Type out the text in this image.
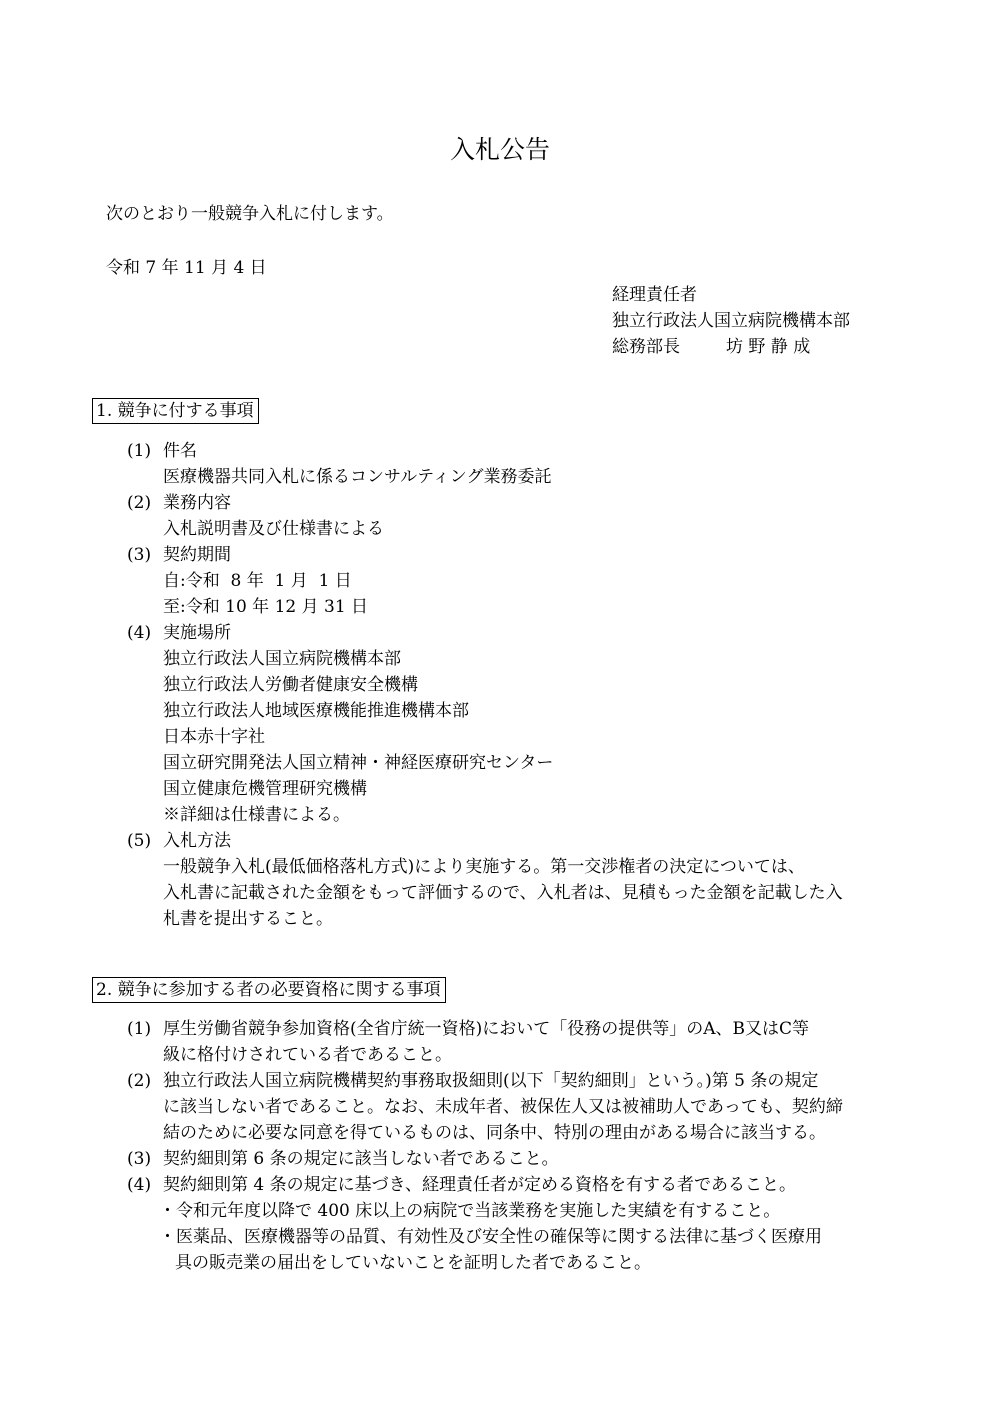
入札公告
次のとおり一般競争入札に付します。
令和 7 年 11 月 4 日
経理責任者
独立行政法人国立病院機構本部
総務部長	坊 野 静 成
1. 競争に付する事項
(1) 件名
医療機器共同入札に係るコンサルティング業務委託
(2) 業務内容
入札説明書及び仕様書による
(3) 契約期間
自:令和  8 年  1 月  1 日
至:令和 10 年 12 月 31 日
(4) 実施場所
独立行政法人国立病院機構本部
独立行政法人労働者健康安全機構
独立行政法人地域医療機能推進機構本部
日本赤十字社
国立研究開発法人国立精神・神経医療研究センター
国立健康危機管理研究機構
※詳細は仕様書による。
(5) 入札方法
一般競争入札(最低価格落札方式)により実施する。第一交渉権者の決定については、
入札書に記載された金額をもって評価するので、入札者は、見積もった金額を記載した入
札書を提出すること。
2. 競争に参加する者の必要資格に関する事項
(1) 厚生労働省競争参加資格(全省庁統一資格)において「役務の提供等」のA、B又はC等
級に格付けされている者であること。
(2) 独立行政法人国立病院機構契約事務取扱細則(以下「契約細則」という。)第 5 条の規定
に該当しない者であること。なお、未成年者、被保佐人又は被補助人であっても、契約締
結のために必要な同意を得ているものは、同条中、特別の理由がある場合に該当する。
(3) 契約細則第 6 条の規定に該当しない者であること。
(4) 契約細則第 4 条の規定に基づき、経理責任者が定める資格を有する者であること。
・令和元年度以降で 400 床以上の病院で当該業務を実施した実績を有すること。
・医薬品、医療機器等の品質、有効性及び安全性の確保等に関する法律に基づく医療用
具の販売業の届出をしていないことを証明した者であること。
